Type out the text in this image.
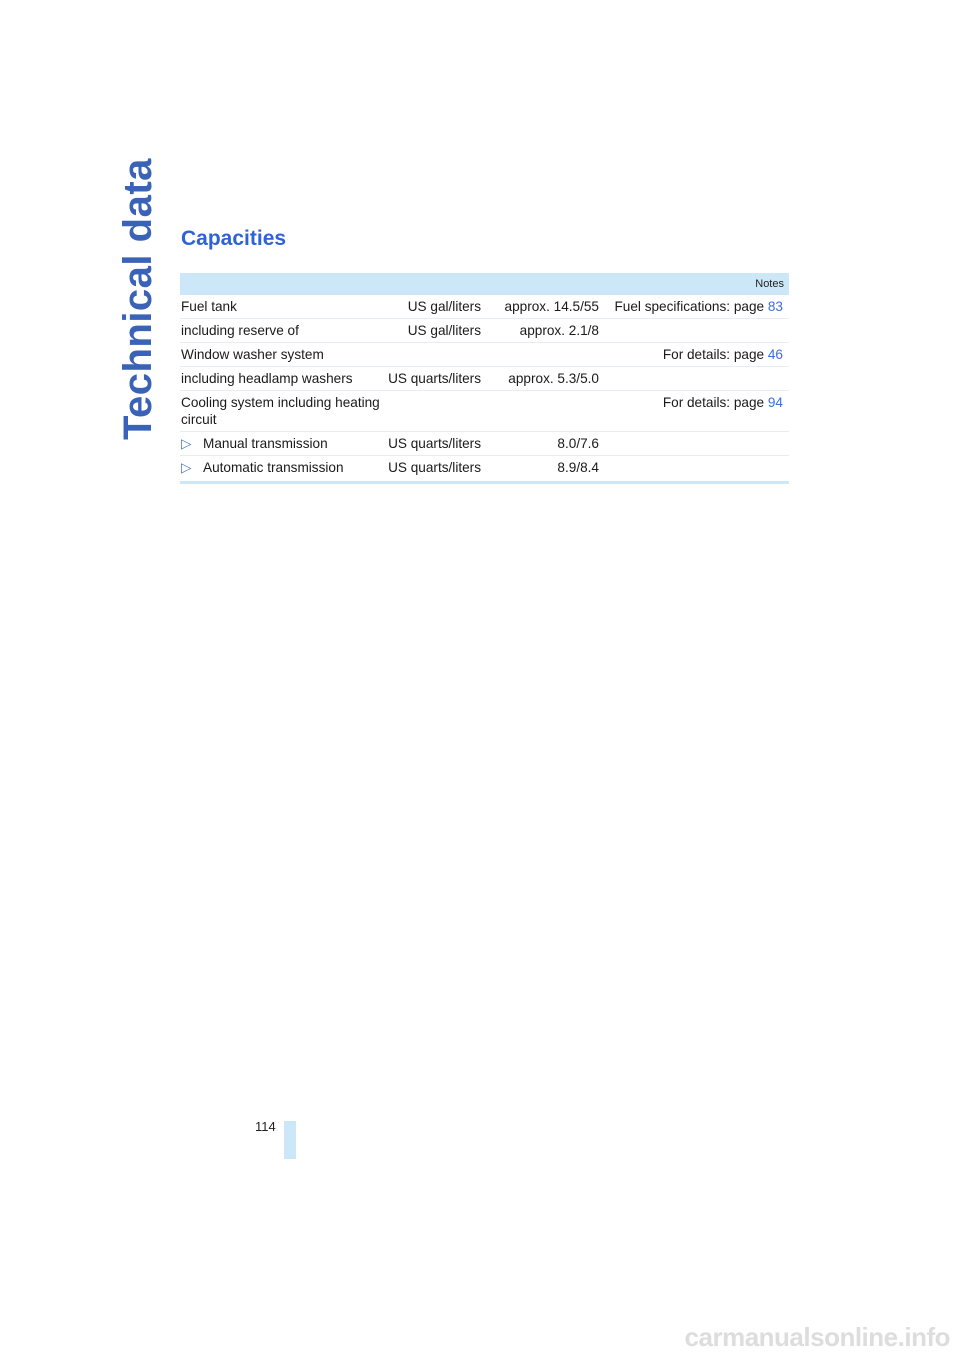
Technical data Capacities
Notes			
Fuel tank	US gal/liters	approx. 14.5/55	Fuel specifications: page 83
including reserve of	US gal/liters	approx. 2.1/8	
Window washer system			For details: page 46
including headlamp washers	US quarts/liters	approx. 5.3/5.0	
Cooling system including heating circuit			For details: page 94
▷ Manual transmission	US quarts/liters	8.0/7.6	
▷ Automatic transmission	US quarts/liters	8.9/8.4	
114
carmanualsonline.info
